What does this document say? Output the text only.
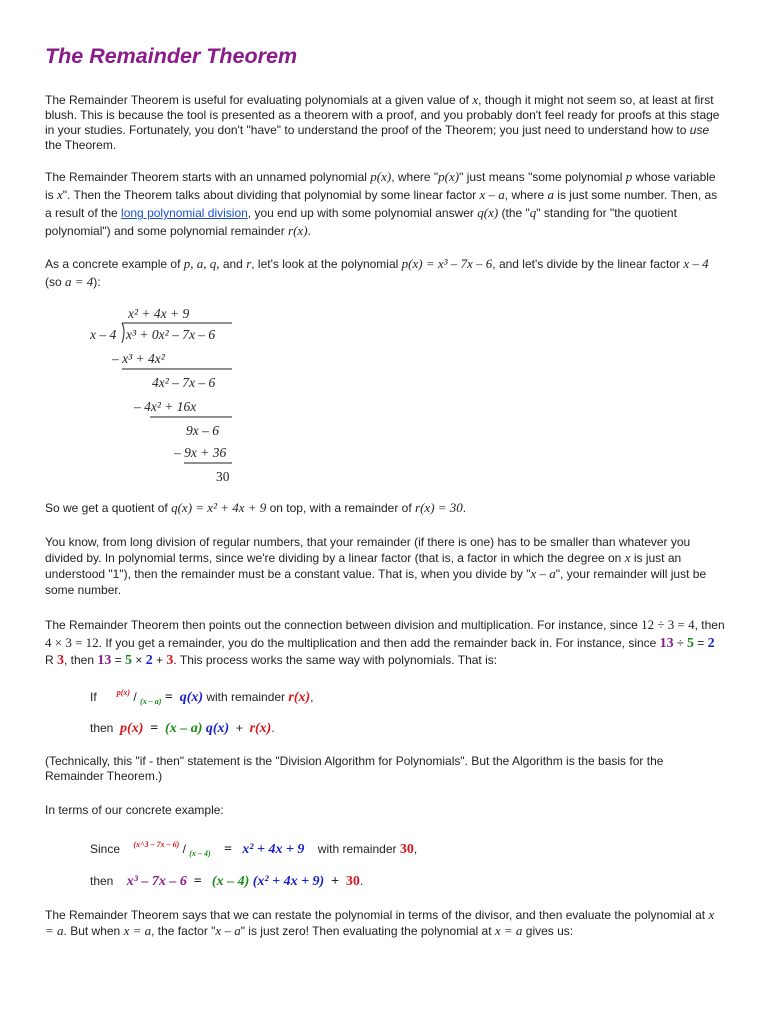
The Remainder Theorem

The Remainder Theorem is useful for evaluating polynomials at a given value of x, though it might not seem so, at least at first blush. This is because the tool is presented as a theorem with a proof, and you probably don't feel ready for proofs at this stage in your studies. Fortunately, you don't "have" to understand the proof of the Theorem; you just need to understand how to use the Theorem.

The Remainder Theorem starts with an unnamed polynomial p(x), where "p(x)" just means "some polynomial p whose variable is x". Then the Theorem talks about dividing that polynomial by some linear factor x – a, where a is just some number. Then, as a result of the long polynomial division, you end up with some polynomial answer q(x) (the "q" standing for "the quotient polynomial") and some polynomial remainder r(x).

As a concrete example of p, a, q, and r, let's look at the polynomial p(x) = x³ – 7x – 6, and let's divide by the linear factor x – 4 (so a = 4):

x² + 4x + 9
x – 4 x³ + 0x² – 7x – 6
– x³ + 4x²
4x² – 7x – 6
– 4x² + 16x
9x – 6
– 9x + 36
30

So we get a quotient of q(x) = x² + 4x + 9 on top, with a remainder of r(x) = 30.

You know, from long division of regular numbers, that your remainder (if there is one) has to be smaller than whatever you divided by. In polynomial terms, since we're dividing by a linear factor (that is, a factor in which the degree on x is just an understood "1"), then the remainder must be a constant value. That is, when you divide by "x – a", your remainder will just be some number.

The Remainder Theorem then points out the connection between division and multiplication. For instance, since 12 ÷ 3 = 4, then 4 × 3 = 12. If you get a remainder, you do the multiplication and then add the remainder back in. For instance, since 13 ÷ 5 = 2 R 3, then 13 = 5 × 2 + 3. This process works the same way with polynomials. That is:

If	$^{p(x)}$ / $_{(x - a)}$ =  q(x) with remainder r(x),
then p(x)  =  (x – a) q(x)  +  r(x).

(Technically, this "if - then" statement is the "Division Algorithm for Polynomials". But the Algorithm is the basis for the Remainder Theorem.)

In terms of our concrete example:

Since $^{(x\^{}3 - 7x - 6)}$ / $_{(x - 4)}$    =   x² + 4x + 9    with remainder 30,
then x³ – 7x – 6  =   (x – 4) (x² + 4x + 9)  +  30.

The Remainder Theorem says that we can restate the polynomial in terms of the divisor, and then evaluate the polynomial at x = a. But when x = a, the factor "x – a" is just zero! Then evaluating the polynomial at x = a gives us:
